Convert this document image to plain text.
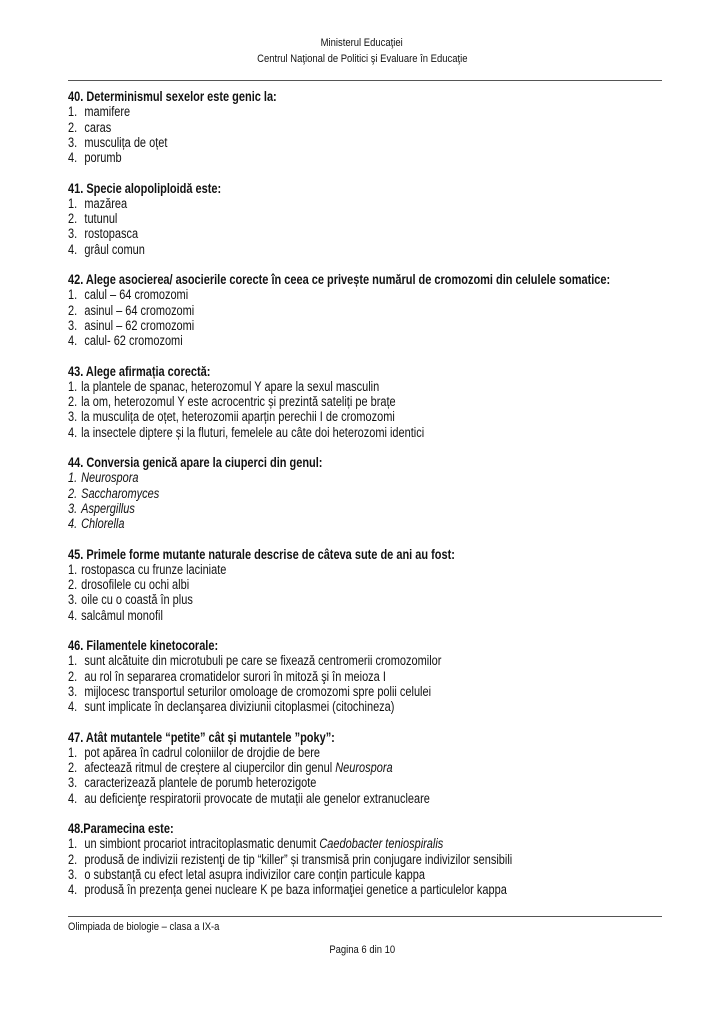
Ministerul Educaţiei
Centrul Naţional de Politici şi Evaluare în Educaţie
40. Determinismul sexelor este genic la:
1. mamifere
2. caras
3. musculița de oțet
4. porumb
41. Specie alopoliploidă este:
1. mazărea
2. tutunul
3. rostopasca
4. grâul comun
42. Alege asocierea/ asocierile corecte în ceea ce privește numărul de cromozomi din celulele somatice:
1. calul – 64 cromozomi
2. asinul – 64 cromozomi
3. asinul – 62 cromozomi
4. calul- 62 cromozomi
43. Alege afirmația corectă:
1. la plantele de spanac, heterozomul Y apare la sexul masculin
2. la om, heterozomul Y este acrocentric și prezintă sateliți pe brațe
3. la musculița de oțet, heterozomii aparțin perechii I de cromozomi
4. la insectele diptere și la fluturi, femelele au câte doi heterozomi identici
44. Conversia genică apare la ciuperci din genul:
1. Neurospora
2. Saccharomyces
3. Aspergillus
4. Chlorella
45. Primele forme mutante naturale descrise de câteva sute de ani au fost:
1. rostopasca cu frunze laciniate
2. drosofilele cu ochi albi
3. oile cu o coastă în plus
4. salcâmul monofil
46. Filamentele kinetocorale:
1. sunt alcătuite din microtubuli pe care se fixează centromerii cromozomilor
2. au rol în separarea cromatidelor surori în mitoză şi în meioza I
3. mijlocesc transportul seturilor omoloage de cromozomi spre polii celulei
4. sunt implicate în declanşarea diviziunii citoplasmei (citochineza)
47. Atât mutantele “petite” cât și mutantele ”poky”:
1. pot apărea în cadrul coloniilor de drojdie de bere
2. afectează ritmul de creștere al ciupercilor din genul Neurospora
3. caracterizează plantele de porumb heterozigote
4. au deficienţe respiratorii provocate de mutații ale genelor extranucleare
48.Paramecina este:
1. un simbiont procariot intracitoplasmatic denumit Caedobacter teniospiralis
2. produsă de indivizii rezistenţi de tip “killer” și transmisă prin conjugare indivizilor sensibili
3. o substanță cu efect letal asupra indivizilor care conțin particule kappa
4. produsă în prezența genei nucleare K pe baza informaţiei genetice a particulelor kappa
Olimpiada de biologie – clasa a IX-a
Pagina 6 din 10
